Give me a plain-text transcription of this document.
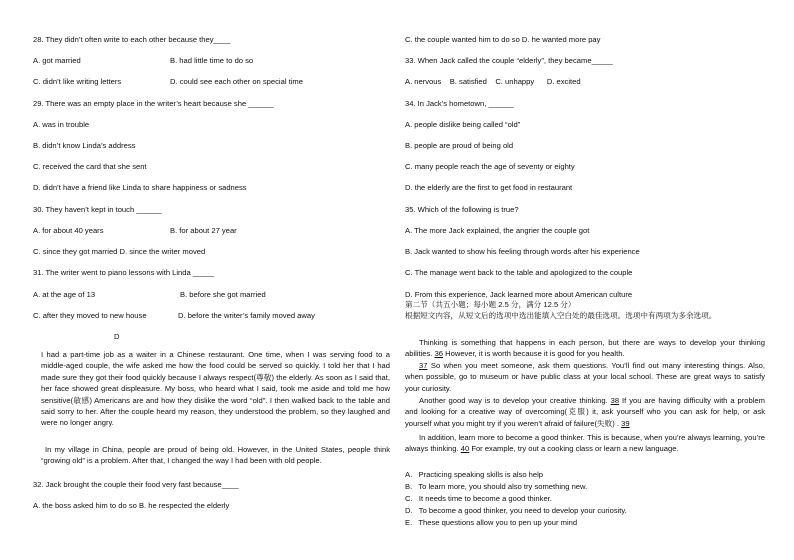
28. They didn’t often write to each other because they____
A. got married	B. had little time to do so
C. didn’t like writing letters	D. could see each other on special time
29. There was an empty place in the writer’s heart because she ______
A. was in trouble
B. didn’t know Linda’s address
C. received the card that she sent
D. didn’t have a friend like Linda to share happiness or sadness
30. They haven’t kept in touch ______
A. for about 40 years	B. for about 27 year
C. since they got married D. since the writer moved
31. The writer went to piano lessons with Linda _____
A. at the age of 13	B. before she got married
C. after they moved to new house	D. before the writer’s family moved away
D
I had a part-time job as a waiter in a Chinese restaurant. One time, when I was serving food to a middle-aged couple, the wife asked me how the food could be served so quickly. I told her that I had made sure they got their food quickly because I always respect(尊敬) the elderly. As soon as I said that, her face showed great displeasure. My boss, who heard what I said, took me aside and told me how sensitive(敏感) Americans are and how they dislike the word “old”. I then walked back to the table and said sorry to her. After the couple heard my reason, they understood the problem, so they laughed and were no longer angry.
In my village in China, people are proud of being old. However, in the United States, people think “growing old” is a problem. After that, I changed the way I had been with old people.
32. Jack brought the couple their food very fast because____
A. the boss asked him to do so B. he respected the elderly
C. the couple wanted him to do so D. he wanted more pay
33. When Jack called the couple “elderly”, they became_____
A. nervous    B. satisfied    C. unhappy      D. excited
34. In Jack’s hometown, ______
A. people dislike being called “old”
B. people are proud of being old
C. many people reach the age of seventy or eighty
D. the elderly are the first to get food in restaurant
35. Which of the following is true?
A. The more Jack explained, the angrier the couple got
B. Jack wanted to show his feeling through words after his experience
C. The manage went back to the table and apologized to the couple
D. From this experience, Jack learned more about American culture
第二节（共五小题；每小题 2.5 分，满分 12.5 分）
根据短文内容，从短文后的选项中选出能填入空白处的最佳选项。选项中有两项为多余选项。
Thinking is something that happens in each person, but there are ways to develop your thinking abilities. 36 However, it is worth because it is good for you health.
37 So when you meet someone, ask them questions. You’ll find out many interesting things. Also, when possible, go to museum or have public class at your local school. These are great ways to satisfy your curiosity.
Another good way is to develop your creative thinking. 38 If you are having difficulty with a problem and looking for a creative way of overcoming(克服) it, ask yourself who you can ask for help, or ask yourself what you might try if you weren’t afraid of failure(失败) . 39
In addition, learn more to become a good thinker. This is because, when you’re always learning, you’re always thinking. 40 For example, try out a cooking class or learn a new language.
A.   Practicing speaking skills is also help
B.   To learn more, you should also try something new.
C.   It needs time to become a good thinker.
D.   To become a good thinker, you need to develop your curiosity.
E.   These questions allow you to pen up your mind
